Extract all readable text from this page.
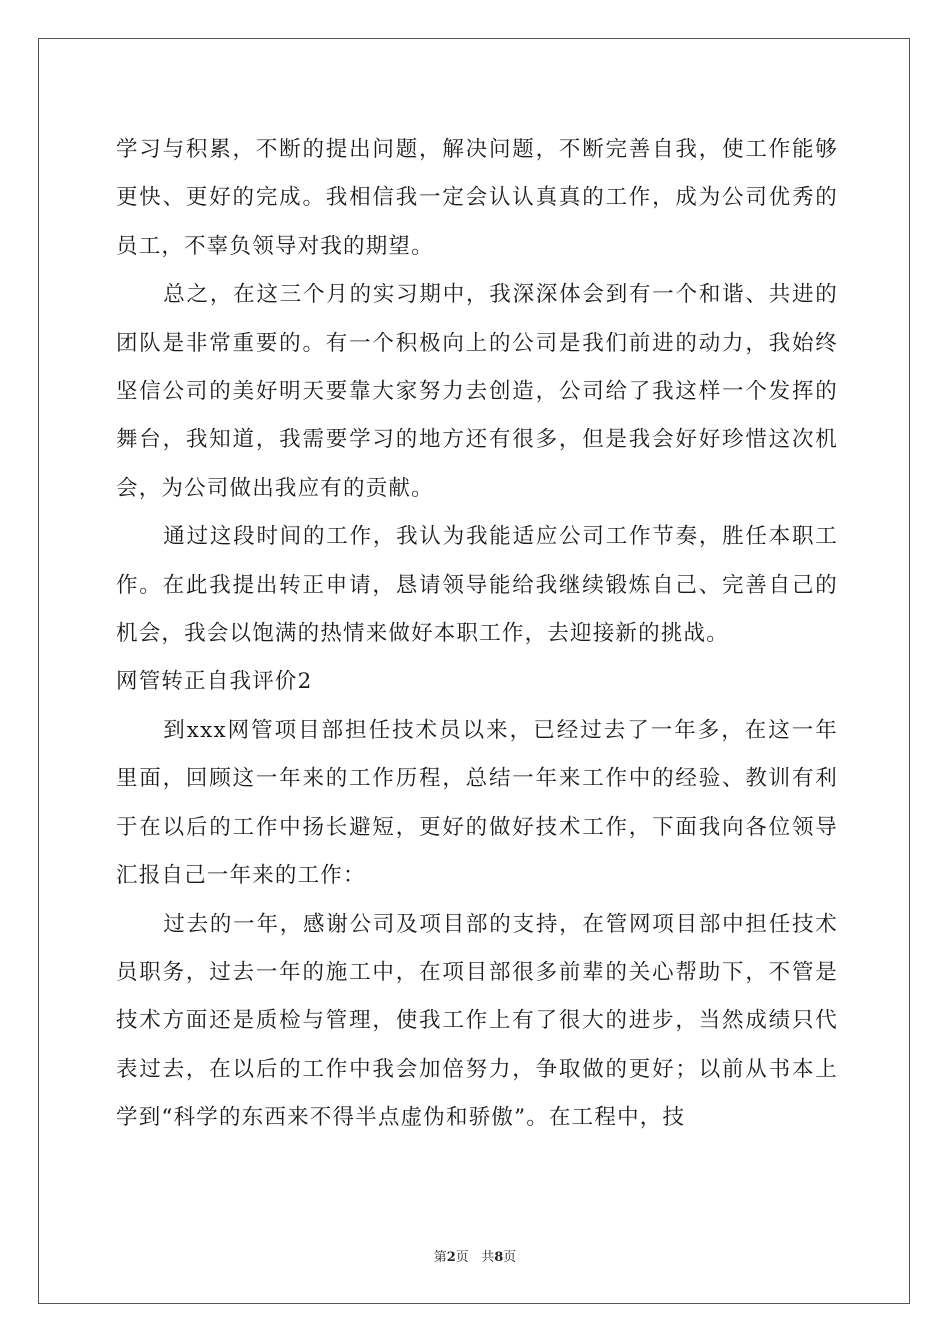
学习与积累，不断的提出问题，解决问题，不断完善自我，使工作能够更快、更好的完成。我相信我一定会认认真真的工作，成为公司优秀的员工，不辜负领导对我的期望。

总之，在这三个月的实习期中，我深深体会到有一个和谐、共进的团队是非常重要的。有一个积极向上的公司是我们前进的动力，我始终坚信公司的美好明天要靠大家努力去创造，公司给了我这样一个发挥的舞台，我知道，我需要学习的地方还有很多，但是我会好好珍惜这次机会，为公司做出我应有的贡献。

通过这段时间的工作，我认为我能适应公司工作节奏，胜任本职工作。在此我提出转正申请，恳请领导能给我继续锻炼自己、完善自己的机会，我会以饱满的热情来做好本职工作，去迎接新的挑战。

网管转正自我评价2

到xxx网管项目部担任技术员以来，已经过去了一年多，在这一年里面，回顾这一年来的工作历程，总结一年来工作中的经验、教训有利于在以后的工作中扬长避短，更好的做好技术工作，下面我向各位领导汇报自己一年来的工作：

过去的一年，感谢公司及项目部的支持，在管网项目部中担任技术员职务，过去一年的施工中，在项目部很多前辈的关心帮助下，不管是技术方面还是质检与管理，使我工作上有了很大的进步，当然成绩只代表过去，在以后的工作中我会加倍努力，争取做的更好；以前从书本上学到“科学的东西来不得半点虚伪和骄傲”。在工程中，技

第2页 共8页
